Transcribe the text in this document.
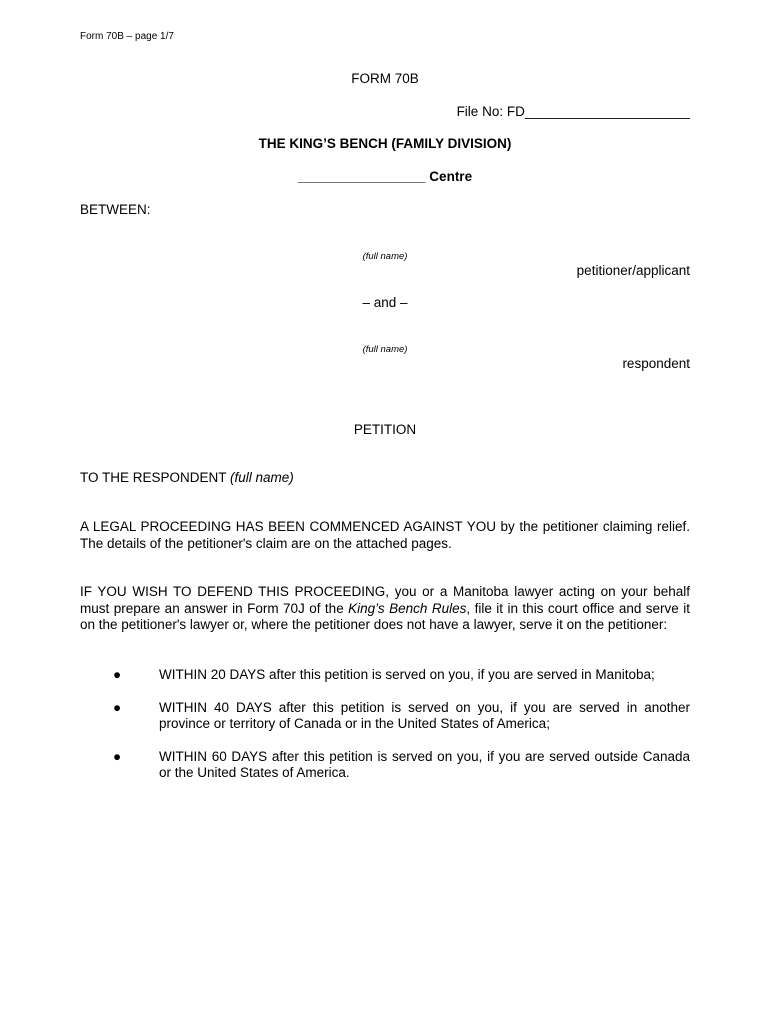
Form 70B – page 1/7
FORM 70B
File No: FD______________________
THE KING’S BENCH (FAMILY DIVISION)
_________________ Centre
BETWEEN:
(full name)
petitioner/applicant
– and –
(full name)
respondent
PETITION
TO THE RESPONDENT (full name)
A LEGAL PROCEEDING HAS BEEN COMMENCED AGAINST YOU by the petitioner claiming relief. The details of the petitioner's claim are on the attached pages.
IF YOU WISH TO DEFEND THIS PROCEEDING, you or a Manitoba lawyer acting on your behalf must prepare an answer in Form 70J of the King’s Bench Rules, file it in this court office and serve it on the petitioner's lawyer or, where the petitioner does not have a lawyer, serve it on the petitioner:
●	WITHIN 20 DAYS after this petition is served on you, if you are served in Manitoba;
●	WITHIN 40 DAYS after this petition is served on you, if you are served in another province or territory of Canada or in the United States of America;
●	WITHIN 60 DAYS after this petition is served on you, if you are served outside Canada or the United States of America.
